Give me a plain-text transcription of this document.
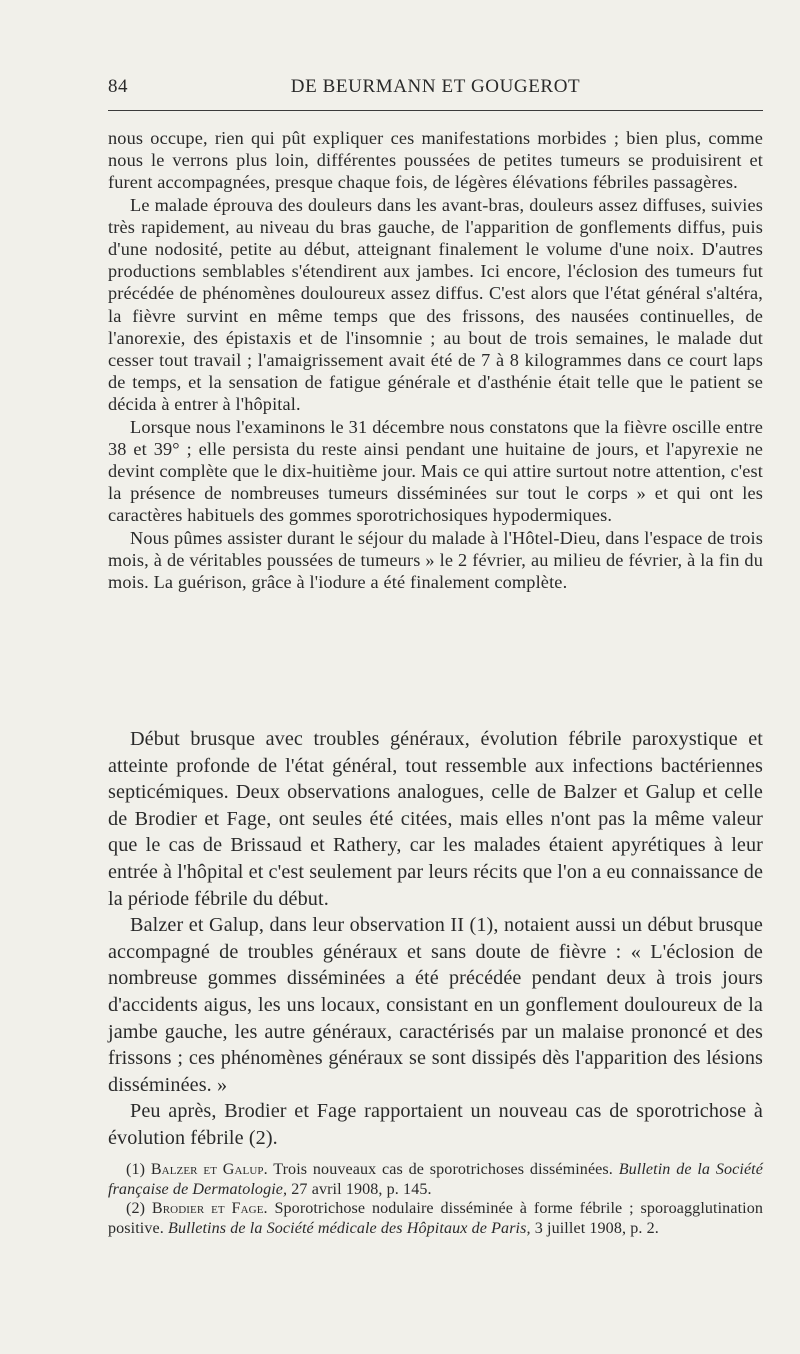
84	DE BEURMANN ET GOUGEROT

nous occupe, rien qui pût expliquer ces manifestations morbides ; bien plus, comme nous le verrons plus loin, différentes poussées de petites tumeurs se produisirent et furent accompagnées, presque chaque fois, de légères élévations fébriles passagères.

Le malade éprouva des douleurs dans les avant-bras, douleurs assez diffuses, suivies très rapidement, au niveau du bras gauche, de l'apparition de gonflements diffus, puis d'une nodosité, petite au début, atteignant finalement le volume d'une noix. D'autres productions semblables s'étendirent aux jambes. Ici encore, l'éclosion des tumeurs fut précédée de phénomènes douloureux assez diffus. C'est alors que l'état général s'altéra, la fièvre survint en même temps que des frissons, des nausées continuelles, de l'anorexie, des épistaxis et de l'insomnie ; au bout de trois semaines, le malade dut cesser tout travail ; l'amaigrissement avait été de 7 à 8 kilogrammes dans ce court laps de temps, et la sensation de fatigue générale et d'asthénie était telle que le patient se décida à entrer à l'hôpital.

Lorsque nous l'examinons le 31 décembre nous constatons que la fièvre oscille entre 38 et 39° ; elle persista du reste ainsi pendant une huitaine de jours, et l'apyrexie ne devint complète que le dix-huitième jour. Mais ce qui attire surtout notre attention, c'est la présence de nombreuses tumeurs disséminées sur tout le corps » et qui ont les caractères habituels des gommes sporotrichosiques hypodermiques.

Nous pûmes assister durant le séjour du malade à l'Hôtel-Dieu, dans l'espace de trois mois, à de véritables poussées de tumeurs » le 2 février, au milieu de février, à la fin du mois. La guérison, grâce à l'iodure a été finalement complète.

Début brusque avec troubles généraux, évolution fébrile paroxystique et atteinte profonde de l'état général, tout ressemble aux infections bactériennes septicémiques. Deux observations analogues, celle de Balzer et Galup et celle de Brodier et Fage, ont seules été citées, mais elles n'ont pas la même valeur que le cas de Brissaud et Rathery, car les malades étaient apyrétiques à leur entrée à l'hôpital et c'est seulement par leurs récits que l'on a eu connaissance de la période fébrile du début.

Balzer et Galup, dans leur observation II (1), notaient aussi un début brusque accompagné de troubles généraux et sans doute de fièvre : « L'éclosion de nombreuse gommes disséminées a été précédée pendant deux à trois jours d'accidents aigus, les uns locaux, consistant en un gonflement douloureux de la jambe gauche, les autre généraux, caractérisés par un malaise prononcé et des frissons ; ces phénomènes généraux se sont dissipés dès l'apparition des lésions disséminées. »

Peu après, Brodier et Fage rapportaient un nouveau cas de sporotrichose à évolution fébrile (2).

(1) Balzer et Galup. Trois nouveaux cas de sporotrichoses disséminées. Bulletin de la Société française de Dermatologie, 27 avril 1908, p. 145.

(2) Brodier et Fage. Sporotrichose nodulaire disséminée à forme fébrile ; sporoagglutination positive. Bulletins de la Société médicale des Hôpitaux de Paris, 3 juillet 1908, p. 2.
